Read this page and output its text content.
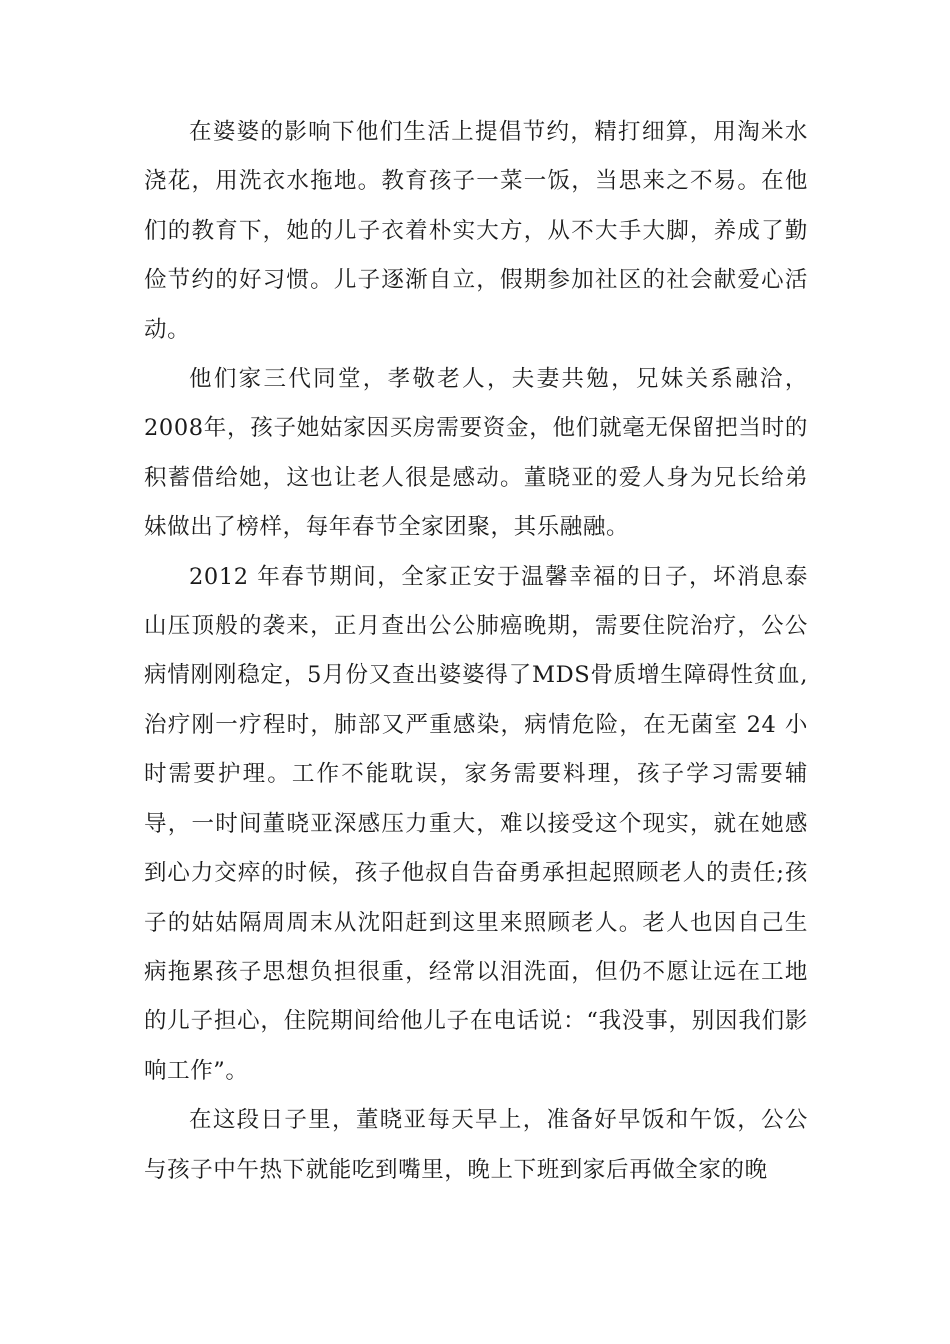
在婆婆的影响下他们生活上提倡节约，精打细算，用淘米水浇花，用洗衣水拖地。教育孩子一菜一饭，当思来之不易。在他们的教育下，她的儿子衣着朴实大方，从不大手大脚，养成了勤俭节约的好习惯。儿子逐渐自立，假期参加社区的社会献爱心活动。

他们家三代同堂，孝敬老人，夫妻共勉，兄妹关系融洽，2008年，孩子她姑家因买房需要资金，他们就毫无保留把当时的积蓄借给她，这也让老人很是感动。董晓亚的爱人身为兄长给弟妹做出了榜样，每年春节全家团聚，其乐融融。

2012 年春节期间，全家正安于温馨幸福的日子，坏消息泰山压顶般的袭来，正月查出公公肺癌晚期，需要住院治疗，公公病情刚刚稳定，5月份又查出婆婆得了MDS骨质增生障碍性贫血,治疗刚一疗程时，肺部又严重感染，病情危险，在无菌室 24 小时需要护理。工作不能耽误，家务需要料理，孩子学习需要辅导，一时间董晓亚深感压力重大，难以接受这个现实，就在她感到心力交瘁的时候，孩子他叔自告奋勇承担起照顾老人的责任;孩子的姑姑隔周周末从沈阳赶到这里来照顾老人。老人也因自己生病拖累孩子思想负担很重，经常以泪洗面，但仍不愿让远在工地的儿子担心，住院期间给他儿子在电话说：“我没事，别因我们影响工作”。

在这段日子里，董晓亚每天早上，准备好早饭和午饭，公公与孩子中午热下就能吃到嘴里，晚上下班到家后再做全家的晚
